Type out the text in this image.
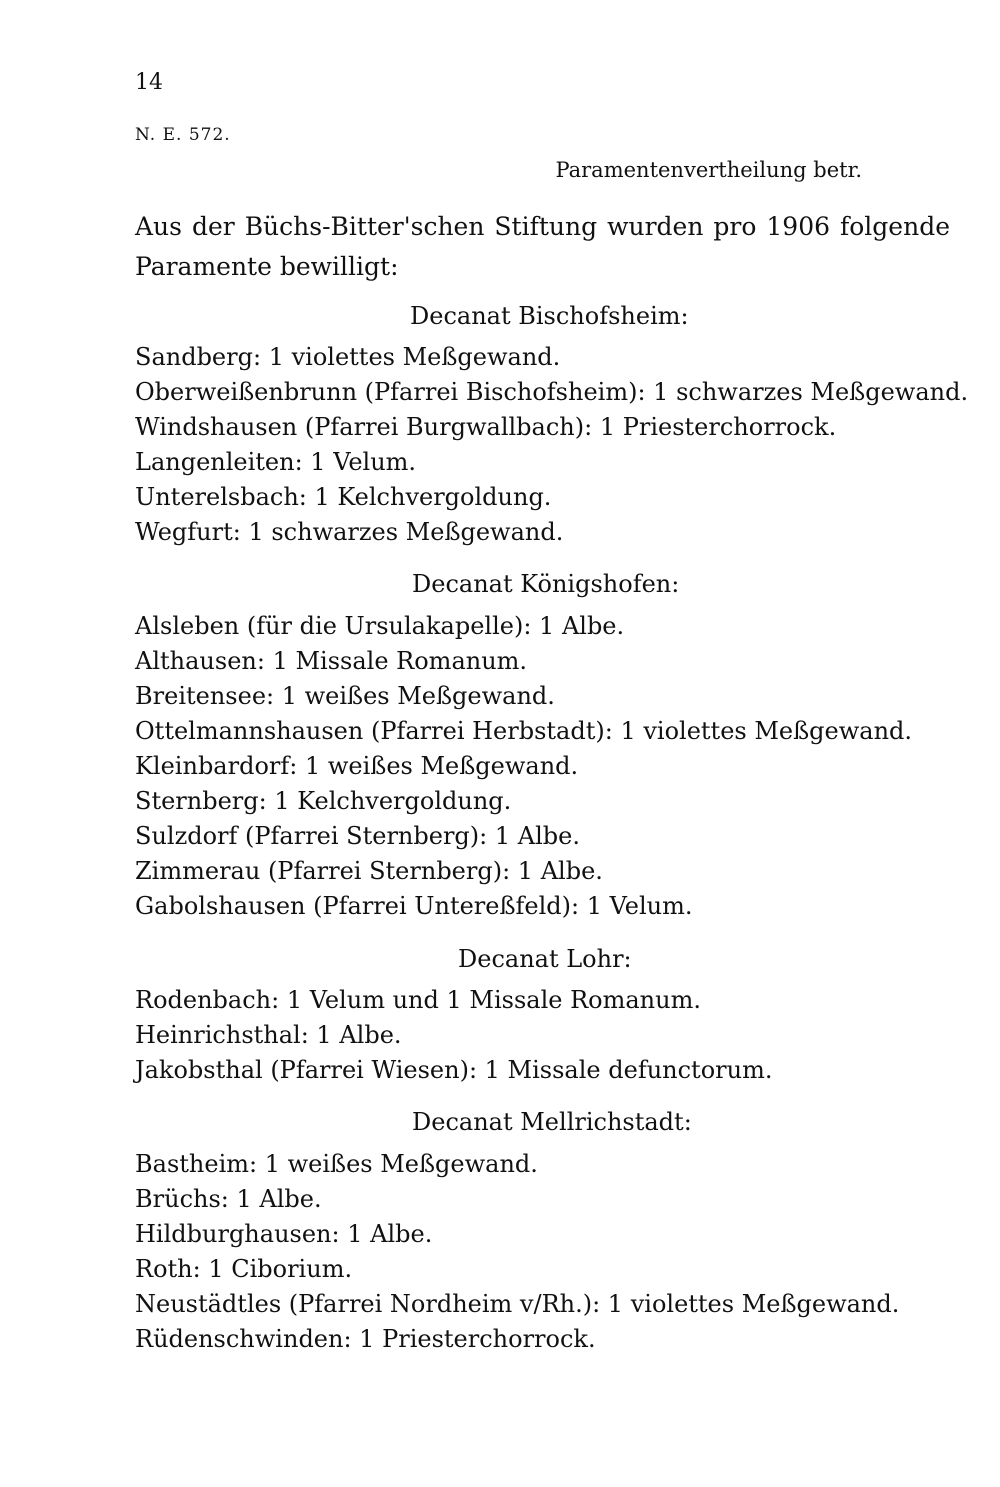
14
N. E. 572.
Paramentenvertheilung betr.

Aus der Büchs-Bitter'schen Stiftung wurden pro 1906 folgende

Paramente bewilligt:

Decanat Bischofsheim:
Sandberg: 1 violettes Meßgewand.
Oberweißenbrunn (Pfarrei Bischofsheim): 1 schwarzes Meßgewand.
Windshausen (Pfarrei Burgwallbach): 1 Priesterchorrock.
Langenleiten: 1 Velum.
Unterelsbach: 1 Kelchvergoldung.
Wegfurt: 1 schwarzes Meßgewand.
Decanat Königshofen:
Alsleben (für die Ursulakapelle): 1 Albe.
Althausen: 1 Missale Romanum.
Breitensee: 1 weißes Meßgewand.
Ottelmannshausen (Pfarrei Herbstadt): 1 violettes Meßgewand.
Kleinbardorf: 1 weißes Meßgewand.
Sternberg: 1 Kelchvergoldung.
Sulzdorf (Pfarrei Sternberg): 1 Albe.
Zimmerau (Pfarrei Sternberg): 1 Albe.
Gabolshausen (Pfarrei Untereßfeld): 1 Velum.
Decanat Lohr:
Rodenbach: 1 Velum und 1 Missale Romanum.
Heinrichsthal: 1 Albe.
Jakobsthal (Pfarrei Wiesen): 1 Missale defunctorum.
Decanat Mellrichstadt:
Bastheim: 1 weißes Meßgewand.
Brüchs: 1 Albe.
Hildburghausen: 1 Albe.
Roth: 1 Ciborium.
Neustädtles (Pfarrei Nordheim v/Rh.): 1 violettes Meßgewand.
Rüdenschwinden: 1 Priesterchorrock.
